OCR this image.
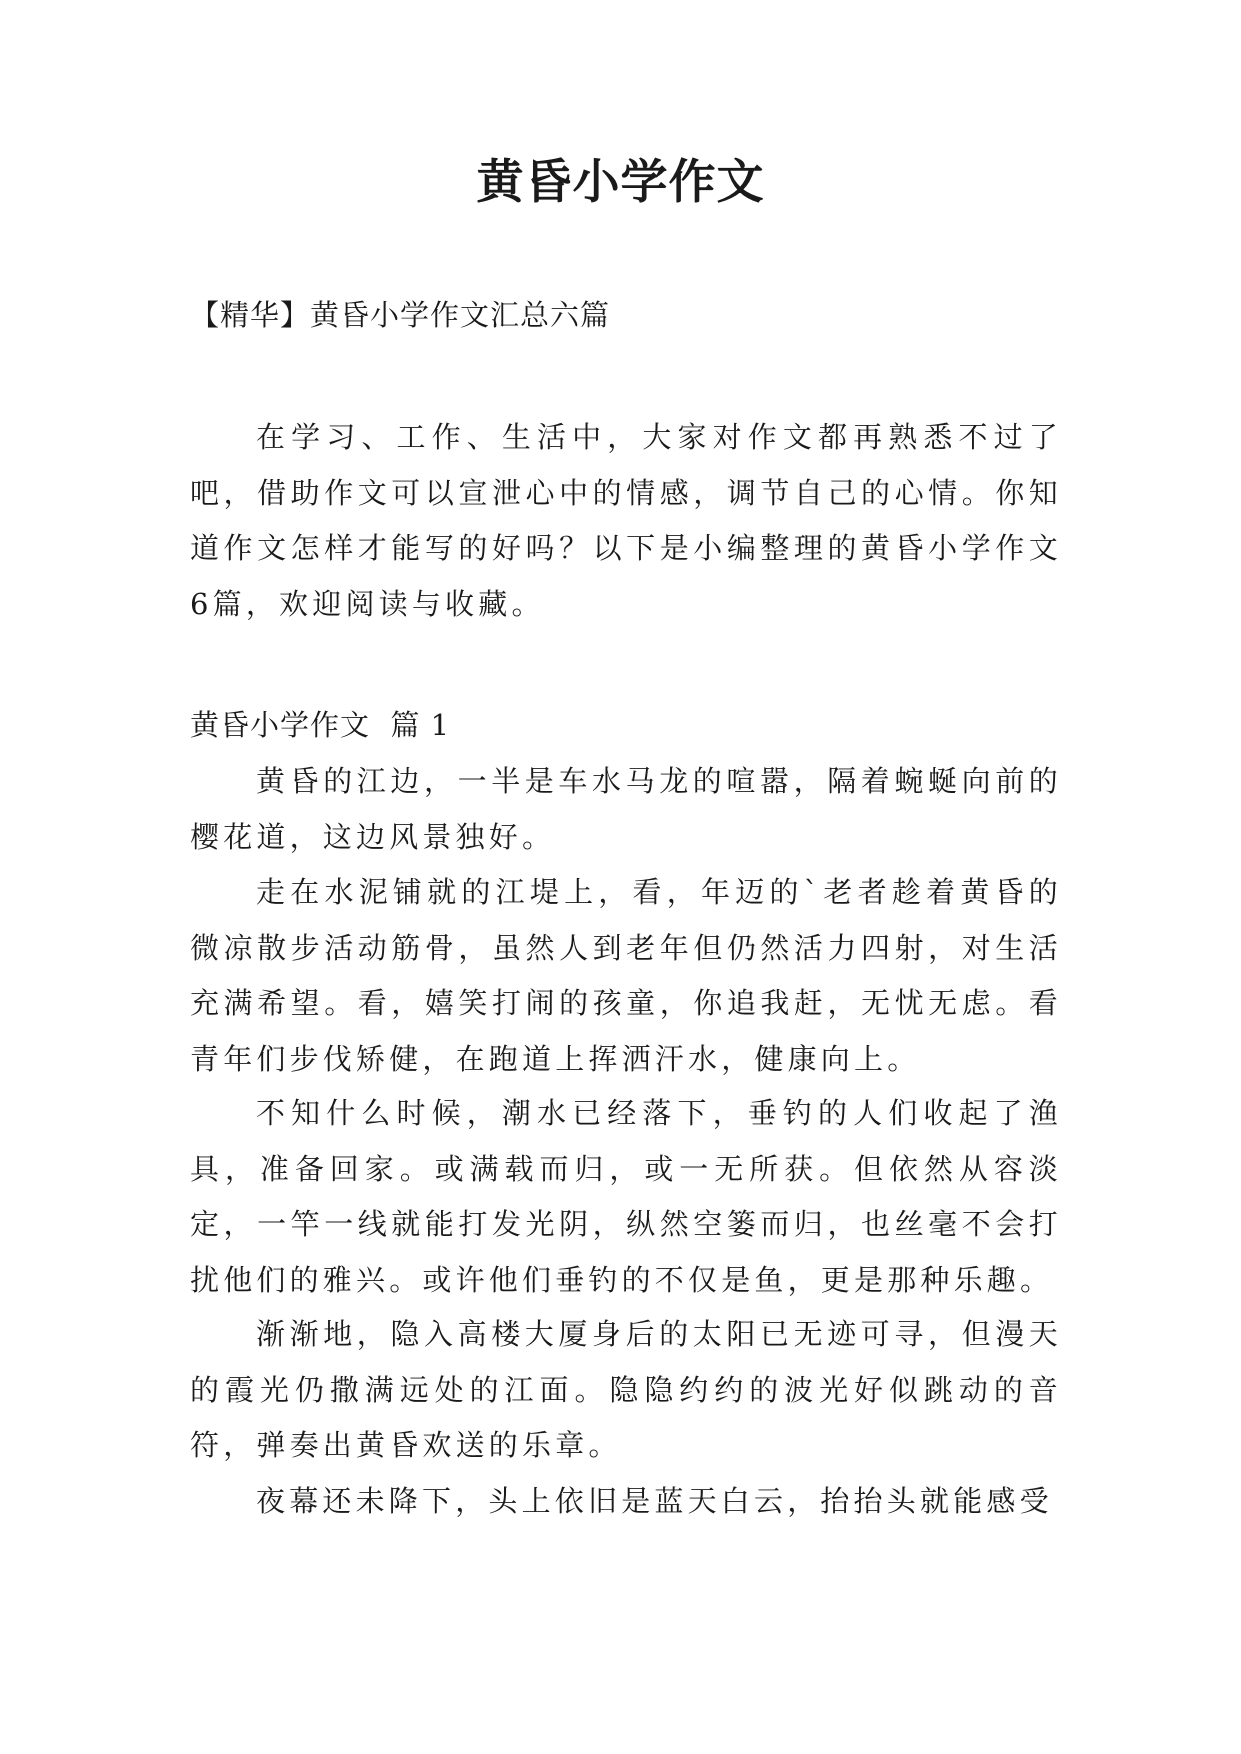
黄昏小学作文

【精华】黄昏小学作文汇总六篇

在学习、工作、生活中，大家对作文都再熟悉不过了吧，借助作文可以宣泄心中的情感，调节自己的心情。你知道作文怎样才能写的好吗？以下是小编整理的黄昏小学作文6篇，欢迎阅读与收藏。

黄昏小学作文  篇 1

黄昏的江边，一半是车水马龙的喧嚣，隔着蜿蜒向前的樱花道，这边风景独好。

走在水泥铺就的江堤上，看，年迈的`老者趁着黄昏的微凉散步活动筋骨，虽然人到老年但仍然活力四射，对生活充满希望。看，嬉笑打闹的孩童，你追我赶，无忧无虑。看青年们步伐矫健，在跑道上挥洒汗水，健康向上。

不知什么时候，潮水已经落下，垂钓的人们收起了渔具，准备回家。或满载而归，或一无所获。但依然从容淡定，一竿一线就能打发光阴，纵然空篓而归，也丝毫不会打扰他们的雅兴。或许他们垂钓的不仅是鱼，更是那种乐趣。

渐渐地，隐入高楼大厦身后的太阳已无迹可寻，但漫天的霞光仍撒满远处的江面。隐隐约约的波光好似跳动的音符，弹奏出黄昏欢送的乐章。

夜幕还未降下，头上依旧是蓝天白云，抬抬头就能感受
